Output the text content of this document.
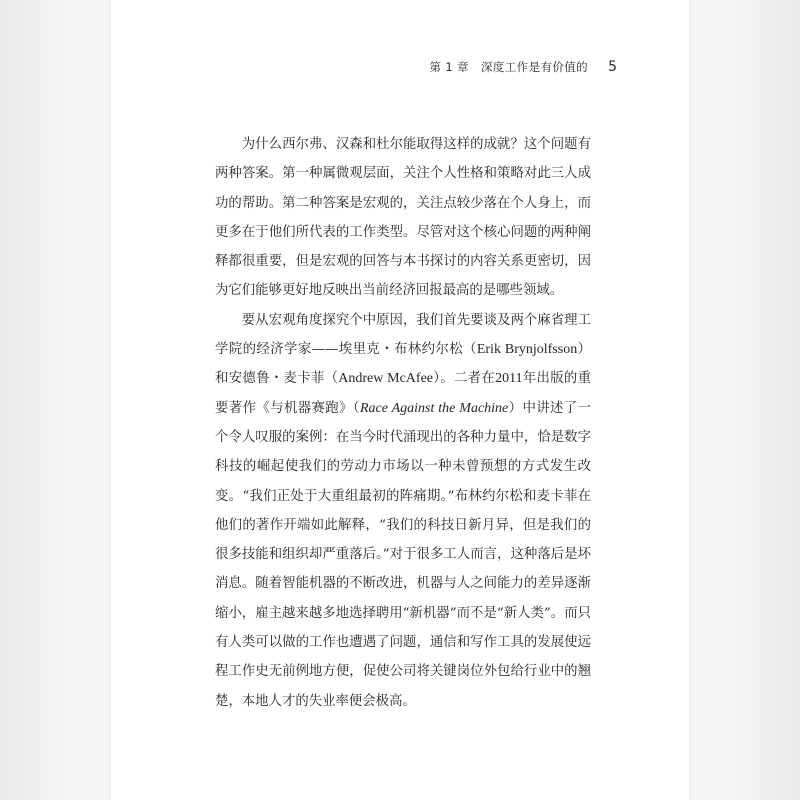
第 1 章　深度工作是有价值的 5

为什么西尔弗、汉森和杜尔能取得这样的成就？这个问题有两种答案。第一种属微观层面，关注个人性格和策略对此三人成功的帮助。第二种答案是宏观的，关注点较少落在个人身上，而更多在于他们所代表的工作类型。尽管对这个核心问题的两种阐释都很重要，但是宏观的回答与本书探讨的内容关系更密切，因为它们能够更好地反映出当前经济回报最高的是哪些领域。

要从宏观角度探究个中原因，我们首先要谈及两个麻省理工学院的经济学家——埃里克・布林约尔松（Erik Brynjolfsson）和安德鲁・麦卡菲（Andrew McAfee）。二者在2011年出版的重要著作《与机器赛跑》（Race Against the Machine）中讲述了一个令人叹服的案例：在当今时代涌现出的各种力量中，恰是数字科技的崛起使我们的劳动力市场以一种未曾预想的方式发生改变。“我们正处于大重组最初的阵痛期。”布林约尔松和麦卡菲在他们的著作开端如此解释，“我们的科技日新月异，但是我们的很多技能和组织却严重落后。”对于很多工人而言，这种落后是坏消息。随着智能机器的不断改进，机器与人之间能力的差异逐渐缩小，雇主越来越多地选择聘用“新机器”而不是“新人类”。而只有人类可以做的工作也遭遇了问题，通信和写作工具的发展使远程工作史无前例地方便，促使公司将关键岗位外包给行业中的翘楚，本地人才的失业率便会极高。
